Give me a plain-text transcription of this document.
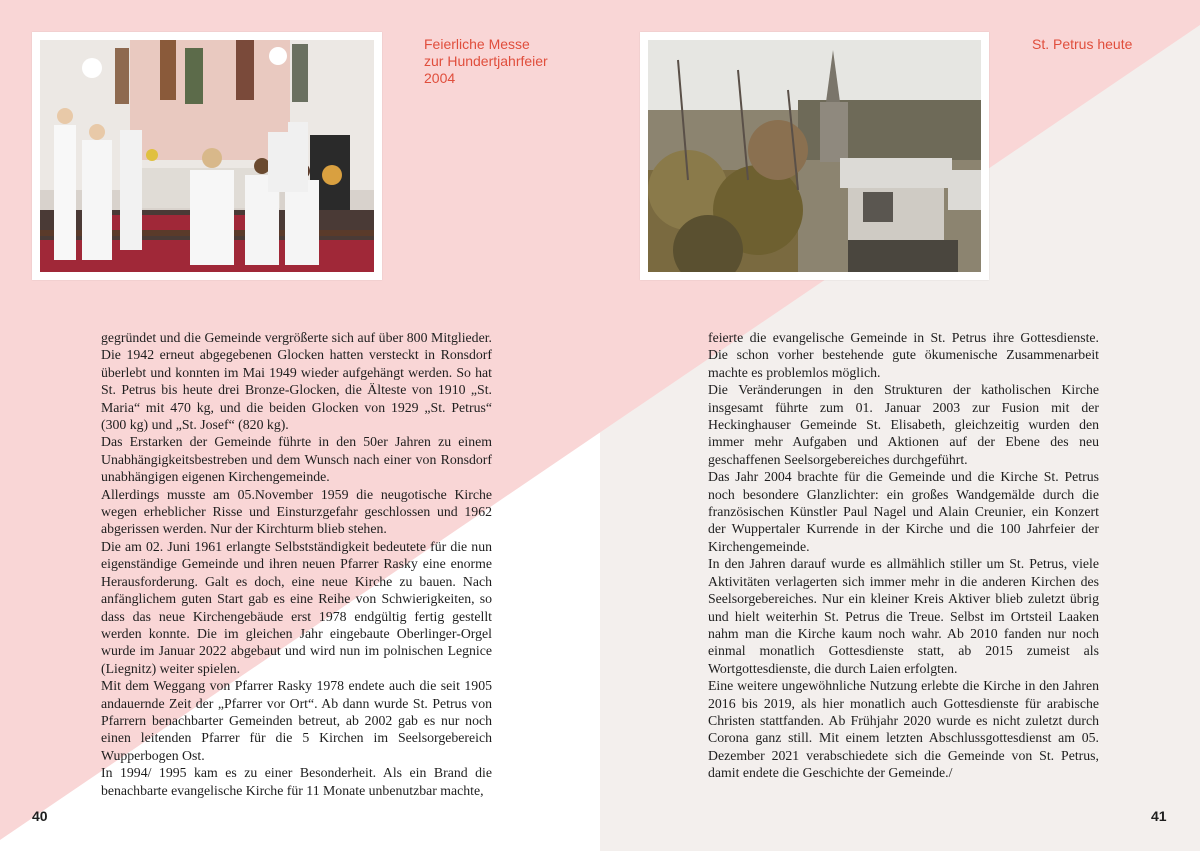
Feierliche Messe
zur Hundertjahrfeier
2004

gegründet und die Gemeinde vergrößerte sich auf über 800 Mitglieder. Die 1942 erneut abgegebenen Glocken hatten versteckt in Ronsdorf überlebt und konnten im Mai 1949 wieder aufgehängt werden. So hat St. Petrus bis heute drei Bronze-Glocken, die Älteste von 1910 „St. Maria“ mit 470 kg, und die beiden Glocken von 1929 „St. Petrus“ (300 kg) und „St. Josef“ (820 kg).

Das Erstarken der Gemeinde führte in den 50er Jahren zu einem Unabhängigkeitsbestreben und dem Wunsch nach einer von Ronsdorf unabhängigen eigenen Kirchengemeinde.

Allerdings musste am 05.November 1959 die neugotische Kirche wegen erheblicher Risse und Einsturzgefahr geschlossen und 1962 abgerissen werden. Nur der Kirchturm blieb stehen.

Die am 02. Juni 1961 erlangte Selbstständigkeit bedeutete für die nun eigenständige Gemeinde und ihren neuen Pfarrer Rasky eine enorme Herausforderung. Galt es doch, eine neue Kirche zu bauen. Nach anfänglichem guten Start gab es eine Reihe von Schwierigkeiten, so dass das neue Kirchengebäude erst 1978 endgültig fertig gestellt werden konnte. Die im gleichen Jahr eingebaute Oberlinger-Orgel wurde im Januar 2022 abgebaut und wird nun im polnischen Legnice (Liegnitz) weiter spielen.

Mit dem Weggang von Pfarrer Rasky 1978 endete auch die seit 1905 andauernde Zeit der „Pfarrer vor Ort“. Ab dann wurde St. Petrus von Pfarrern benachbarter Gemeinden betreut, ab 2002 gab es nur noch einen leitenden Pfarrer für die 5 Kirchen im Seelsorgebereich Wupperbogen Ost.

In 1994/ 1995 kam es zu einer Besonderheit. Als ein Brand die benachbarte evangelische Kirche für 11 Monate unbenutzbar machte,

40
St. Petrus heute

feierte die evangelische Gemeinde in St. Petrus ihre Gottesdienste. Die schon vorher bestehende gute ökumenische Zusammenarbeit machte es problemlos möglich.

Die Veränderungen in den Strukturen der katholischen Kirche insgesamt führte zum 01. Januar 2003 zur Fusion mit der Heckinghauser Gemeinde St. Elisabeth, gleichzeitig wurden den immer mehr Aufgaben und Aktionen auf der Ebene des neu geschaffenen Seelsorgebereiches durchgeführt.

Das Jahr 2004 brachte für die Gemeinde und die Kirche St. Petrus noch besondere Glanzlichter: ein großes Wandgemälde durch die französischen Künstler Paul Nagel und Alain Creunier, ein Konzert der Wuppertaler Kurrende in der Kirche und die 100 Jahrfeier der Kirchengemeinde.

In den Jahren darauf wurde es allmählich stiller um St. Petrus, viele Aktivitäten verlagerten sich immer mehr in die anderen Kirchen des Seelsorgebereiches. Nur ein kleiner Kreis Aktiver blieb zuletzt übrig und hielt weiterhin St. Petrus die Treue. Selbst im Ortsteil Laaken nahm man die Kirche kaum noch wahr. Ab 2010 fanden nur noch einmal monatlich Gottesdienste statt, ab 2015 zumeist als Wortgottesdienste, die durch Laien erfolgten.

Eine weitere ungewöhnliche Nutzung erlebte die Kirche in den Jahren 2016 bis 2019, als hier monatlich auch Gottesdienste für arabische Christen stattfanden. Ab Frühjahr 2020 wurde es nicht zuletzt durch Corona ganz still. Mit einem letzten Abschlussgottesdienst am 05. Dezember 2021 verabschiedete sich die Gemeinde von St. Petrus, damit endete die Geschichte der Gemeinde./

41
